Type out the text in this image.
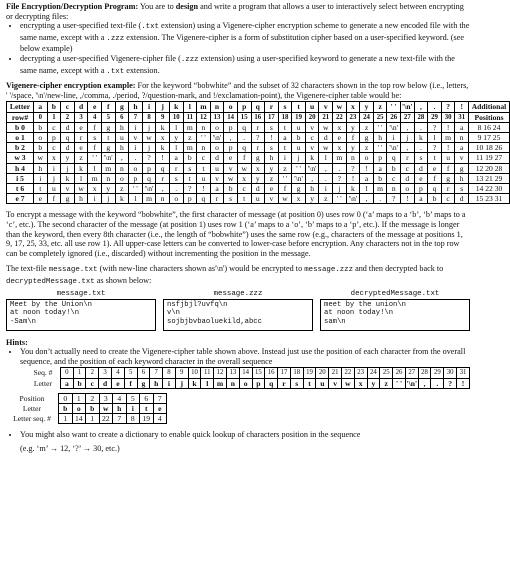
File Encryption/Decryption Program: You are to design and write a program that allows a user to interactively select between encrypting or decrypting files:

• encrypting a user-specified text-file (.txt extension) using a Vigenere-cipher encryption scheme to generate a new encoded file with the same name, except with a .zzz extension. The Vigenere-cipher is a form of substitution cipher based on a user-specified keyword. (see below example)
• decrypting a user-specified Vigenere-cipher file (.zzz extension) using a user-specified keyword to generate a new text-file with the same name, except with a .txt extension.

Vigenere-cipher encryption example: For the keyword “bobwhite” and the subset of 32 characters shown in the top row below (i.e., letters, ' '/space, '\n'/new-line, ,/comma, ./period, ?/question-mark, and !/exclamation-point), the Vigenere-cipher table would be:

Letter	a	b	c	d	e	f	g	h	i	j	k	l	m	n	o	p	q	r	s	t	u	v	w	x	y	z	' '	'\n'	,	.	?	!	Additional
row#	0	1	2	3	4	5	6	7	8	9	10	11	12	13	14	15	16	17	18	19	20	21	22	23	24	25	26	27	28	29	30	31	Positions
b 0	b	c	d	e	f	g	h	i	j	k	l	m	n	o	p	q	r	s	t	u	v	w	x	y	z	' '	'\n'	,	.	?	!	a	8 16 24
o 1	o	p	q	r	s	t	u	v	w	x	y	z	' '	'\n'	,	.	?	!	a	b	c	d	e	f	g	h	i	j	k	l	m	n	9 17 25
b 2	b	c	d	e	f	g	h	i	j	k	l	m	n	o	p	q	r	s	t	u	v	w	x	y	z	' '	'\n'	,	.	?	!	a	10 18 26
w 3	w	x	y	z	' '	'\n'	,	.	?	!	a	b	c	d	e	f	g	h	i	j	k	l	m	n	o	p	q	r	s	t	u	v	11 19 27
h 4	h	i	j	k	l	m	n	o	p	q	r	s	t	u	v	w	x	y	z	' '	'\n'	,	.	?	!	a	b	c	d	e	f	g	12 20 28
i 5	i	j	k	l	m	n	o	p	q	r	s	t	u	v	w	x	y	z	' '	'\n'	,	.	?	!	a	b	c	d	e	f	g	h	13 21 29
t 6	t	u	v	w	x	y	z	' '	'\n'	,	.	?	!	a	b	c	d	e	f	g	h	i	j	k	l	m	n	o	p	q	r	s	14 22 30
e 7	e	f	g	h	i	j	k	l	m	n	o	p	q	r	s	t	u	v	w	x	y	z	' '	'\n'	,	.	?	!	a	b	c	d	15 23 31

To encrypt a message with the keyword “bobwhite”, the first character of message (at position 0) uses row 0 (‘a’ maps to a ‘b’, ‘b’ maps to a ‘c’, etc.). The second character of the message (at position 1) uses row 1 (‘a’ maps to a ‘o’, ‘b’ maps to a ‘p’, etc.). If the message is longer than the keyword, then every 8th character (i.e., the length of “bobwhite”) uses the same row (e.g., characters of the message at positions 1, 9, 17, 25, 33, etc. all use row 1). All upper-case letters can be converted to lower-case before encryption. Any characters not in the top row can be completely ignored (i.e., discarded) without incrementing the position in the message.

The text-file message.txt (with new-line characters shown as'\n') would be encrypted to message.zzz and then decrypted back to decryptedMessage.txt as shown below:

message.txt
Meet by the Union\n
at noon today!\n
-Sam\n
message.zzz
nsfjbjl?uvfq\n
v\n
sojbjbvbaoluekild,abcc
decryptedMessage.txt
meet by the union\n
at noon today!\n
sam\n

Hints:

• You don’t actually need to create the Vigenere-cipher table shown above. Instead just use the position of each character from the overall sequence, and the position of each keyword character in the overall sequence
Seq. #	0	1	2	3	4	5	6	7	8	9	10	11	12	13	14	15	16	17	18	19	20	21	22	23	24	25	26	27	28	29	30	31
Letter	a	b	c	d	e	f	g	h	i	j	k	l	m	n	o	p	q	r	s	t	u	v	w	x	y	z	' '	'\n'	,	.	?	!
Position	0	1	2	3	4	5	6	7
Letter	b	o	b	w	h	i	t	e
Letter seq. #	1	14	1	22	7	8	19	4
• You might also want to create a dictionary to enable quick lookup of characters position in the sequence

(e.g. ‘m’ → 12, ‘?’ → 30, etc.)
